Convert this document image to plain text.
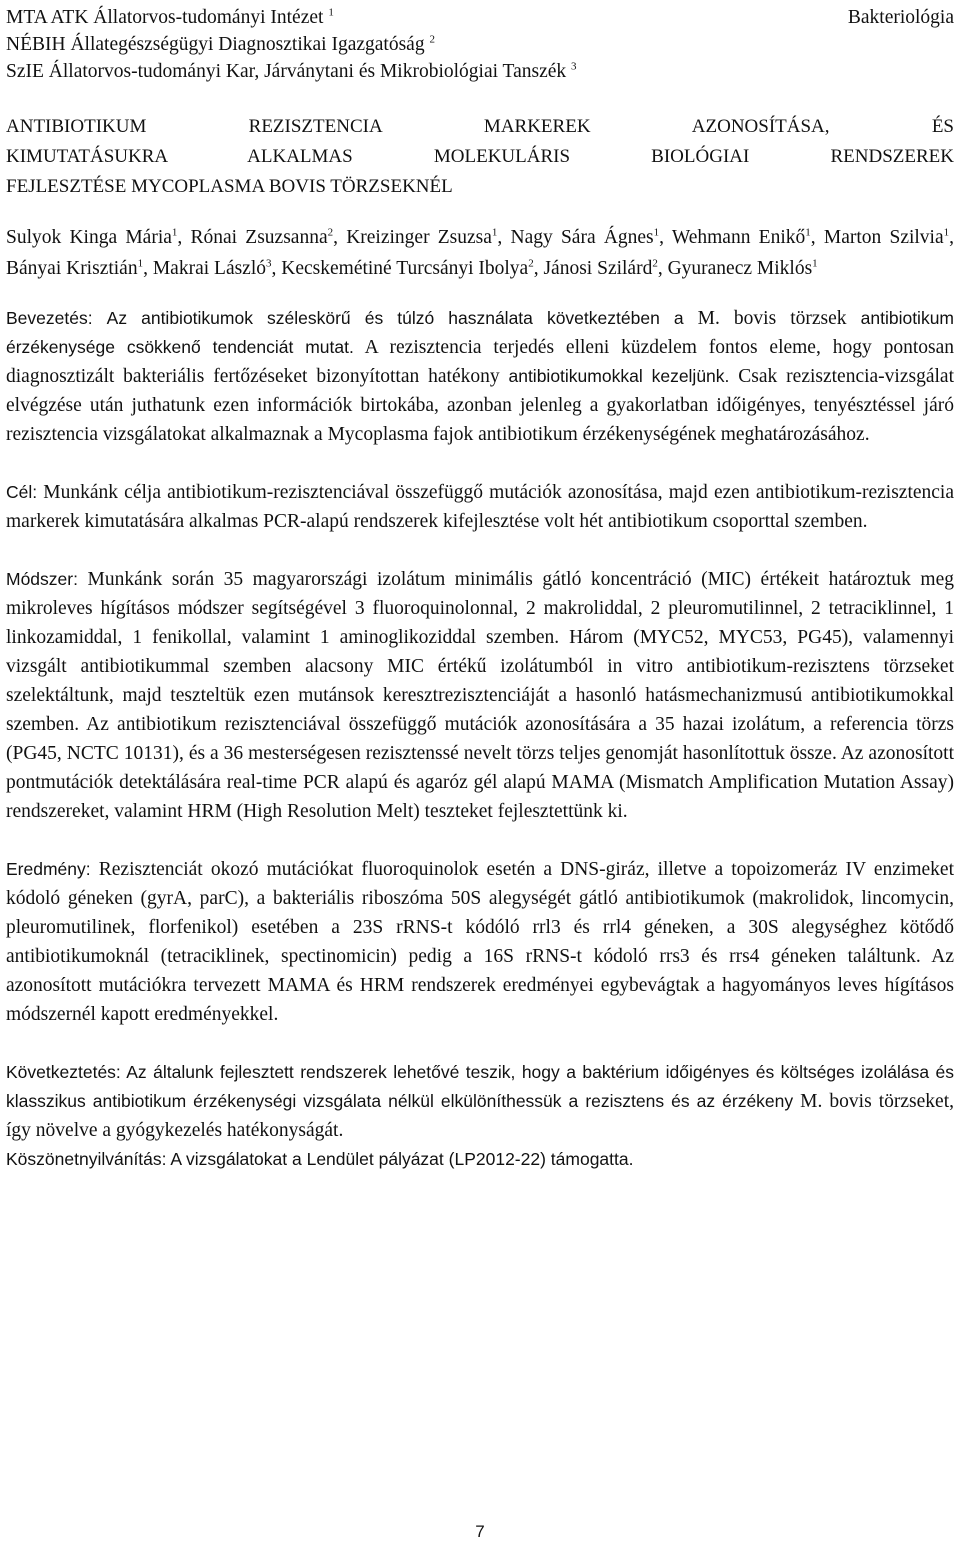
MTA ATK Állatorvos-tudományi Intézet $^1$
NÉBIH Állategészségügyi Diagnosztikai Igazgatóság $^2$
SzIE Állatorvos-tudományi Kar, Járványtani és Mikrobiológiai Tanszék $^3$
Bakteriológia
ANTIBIOTIKUM REZISZTENCIA MARKEREK AZONOSÍTÁSA, ÉS
KIMUTATÁSUKRA ALKALMAS MOLEKULÁRIS BIOLÓGIAI RENDSZEREK
FEJLESZTÉSE MYCOPLASMA BOVIS TÖRZSEKNÉL
Sulyok Kinga Mária$^1$, Rónai Zsuzsanna$^2$, Kreizinger Zsuzsa$^1$, Nagy Sára Ágnes$^1$, Wehmann Enikő$^1$, Marton Szilvia$^1$, Bányai Krisztián$^1$, Makrai László$^3$, Kecskemétiné Turcsányi Ibolya$^2$, Jánosi Szilárd$^2$, Gyuranecz Miklós$^1$
Bevezetés: Az antibiotikumok széleskörű és túlzó használata következtében a M. bovis törzsek antibiotikum érzékenysége csökkenő tendenciát mutat. A rezisztencia terjedés elleni küzdelem fontos eleme, hogy pontosan diagnosztizált bakteriális fertőzéseket bizonyítottan hatékony antibiotikumokkal kezeljünk. Csak rezisztencia-vizsgálat elvégzése után juthatunk ezen információk birtokába, azonban jelenleg a gyakorlatban időigényes, tenyésztéssel járó rezisztencia vizsgálatokat alkalmaznak a Mycoplasma fajok antibiotikum érzékenységének meghatározásához.
Cél: Munkánk célja antibiotikum-rezisztenciával összefüggő mutációk azonosítása, majd ezen antibiotikum-rezisztencia markerek kimutatására alkalmas PCR-alapú rendszerek kifejlesztése volt hét antibiotikum csoporttal szemben.
Módszer: Munkánk során 35 magyarországi izolátum minimális gátló koncentráció (MIC) értékeit határoztuk meg mikroleves hígításos módszer segítségével 3 fluoroquinolonnal, 2 makroliddal, 2 pleuromutilinnel, 2 tetraciklinnel, 1 linkozamiddal, 1 fenikollal, valamint 1 aminoglikoziddal szemben. Három (MYC52, MYC53, PG45), valamennyi vizsgált antibiotikummal szemben alacsony MIC értékű izolátumból in vitro antibiotikum-rezisztens törzseket szelektáltunk, majd teszteltük ezen mutánsok keresztrezisztenciáját a hasonló hatásmechanizmusú antibiotikumokkal szemben. Az antibiotikum rezisztenciával összefüggő mutációk azonosítására a 35 hazai izolátum, a referencia törzs (PG45, NCTC 10131), és a 36 mesterségesen rezisztenssé nevelt törzs teljes genomját hasonlítottuk össze. Az azonosított pontmutációk detektálására real-time PCR alapú és agaróz gél alapú MAMA (Mismatch Amplification Mutation Assay) rendszereket, valamint HRM (High Resolution Melt) teszteket fejlesztettünk ki.
Eredmény: Rezisztenciát okozó mutációkat fluoroquinolok esetén a DNS-giráz, illetve a topoizomeráz IV enzimeket kódoló géneken (gyrA, parC), a bakteriális riboszóma 50S alegységét gátló antibiotikumok (makrolidok, lincomycin, pleuromutilinek, florfenikol) esetében a 23S rRNS-t kódóló rrl3 és rrl4 géneken, a 30S alegységhez kötődő antibiotikumoknál (tetraciklinek, spectinomicin) pedig a 16S rRNS-t kódoló rrs3 és rrs4 géneken találtunk. Az azonosított mutációkra tervezett MAMA és HRM rendszerek eredményei egybevágtak a hagyományos leves hígításos módszernél kapott eredményekkel.
Következtetés: Az általunk fejlesztett rendszerek lehetővé teszik, hogy a baktérium időigényes és költséges izolálása és klasszikus antibiotikum érzékenységi vizsgálata nélkül elkülöníthessük a rezisztens és az érzékeny M. bovis törzseket, így növelve a gyógykezelés hatékonyságát.
Köszönetnyilvánítás: A vizsgálatokat a Lendület pályázat (LP2012-22) támogatta.
7
